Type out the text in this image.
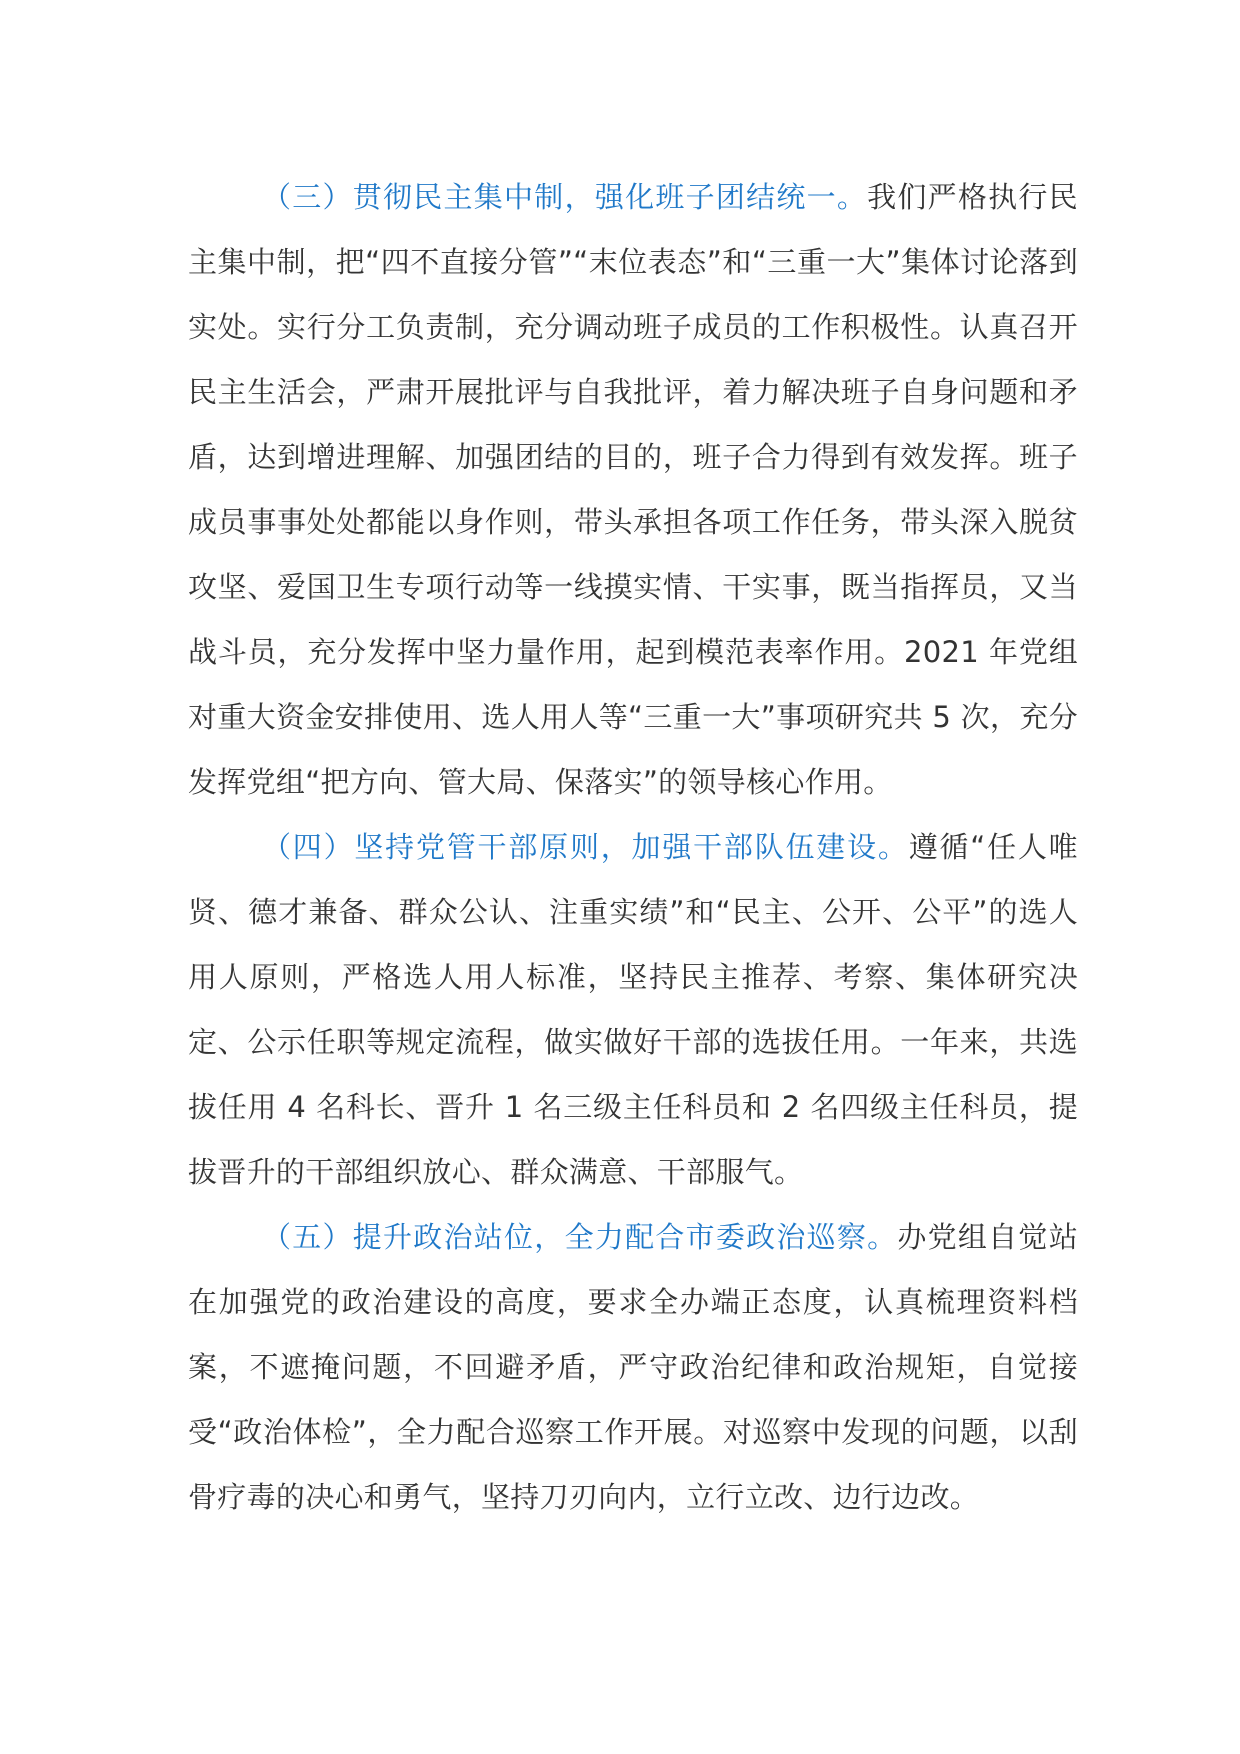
（三）贯彻民主集中制，强化班子团结统一。我们严格执行民主集中制，把“四不直接分管”“末位表态”和“三重一大”集体讨论落到实处。实行分工负责制，充分调动班子成员的工作积极性。认真召开民主生活会，严肃开展批评与自我批评，着力解决班子自身问题和矛盾，达到增进理解、加强团结的目的，班子合力得到有效发挥。班子成员事事处处都能以身作则，带头承担各项工作任务，带头深入脱贫攻坚、爱国卫生专项行动等一线摸实情、干实事，既当指挥员，又当战斗员，充分发挥中坚力量作用，起到模范表率作用。2021 年党组对重大资金安排使用、选人用人等“三重一大”事项研究共 5 次，充分发挥党组“把方向、管大局、保落实”的领导核心作用。

（四）坚持党管干部原则，加强干部队伍建设。遵循“任人唯贤、德才兼备、群众公认、注重实绩”和“民主、公开、公平”的选人用人原则，严格选人用人标准，坚持民主推荐、考察、集体研究决定、公示任职等规定流程，做实做好干部的选拔任用。一年来，共选拔任用 4 名科长、晋升 1 名三级主任科员和 2 名四级主任科员，提拔晋升的干部组织放心、群众满意、干部服气。

（五）提升政治站位，全力配合市委政治巡察。办党组自觉站在加强党的政治建设的高度，要求全办端正态度，认真梳理资料档案，不遮掩问题，不回避矛盾，严守政治纪律和政治规矩，自觉接受“政治体检”，全力配合巡察工作开展。对巡察中发现的问题，以刮骨疗毒的决心和勇气，坚持刀刃向内，立行立改、边行边改。
